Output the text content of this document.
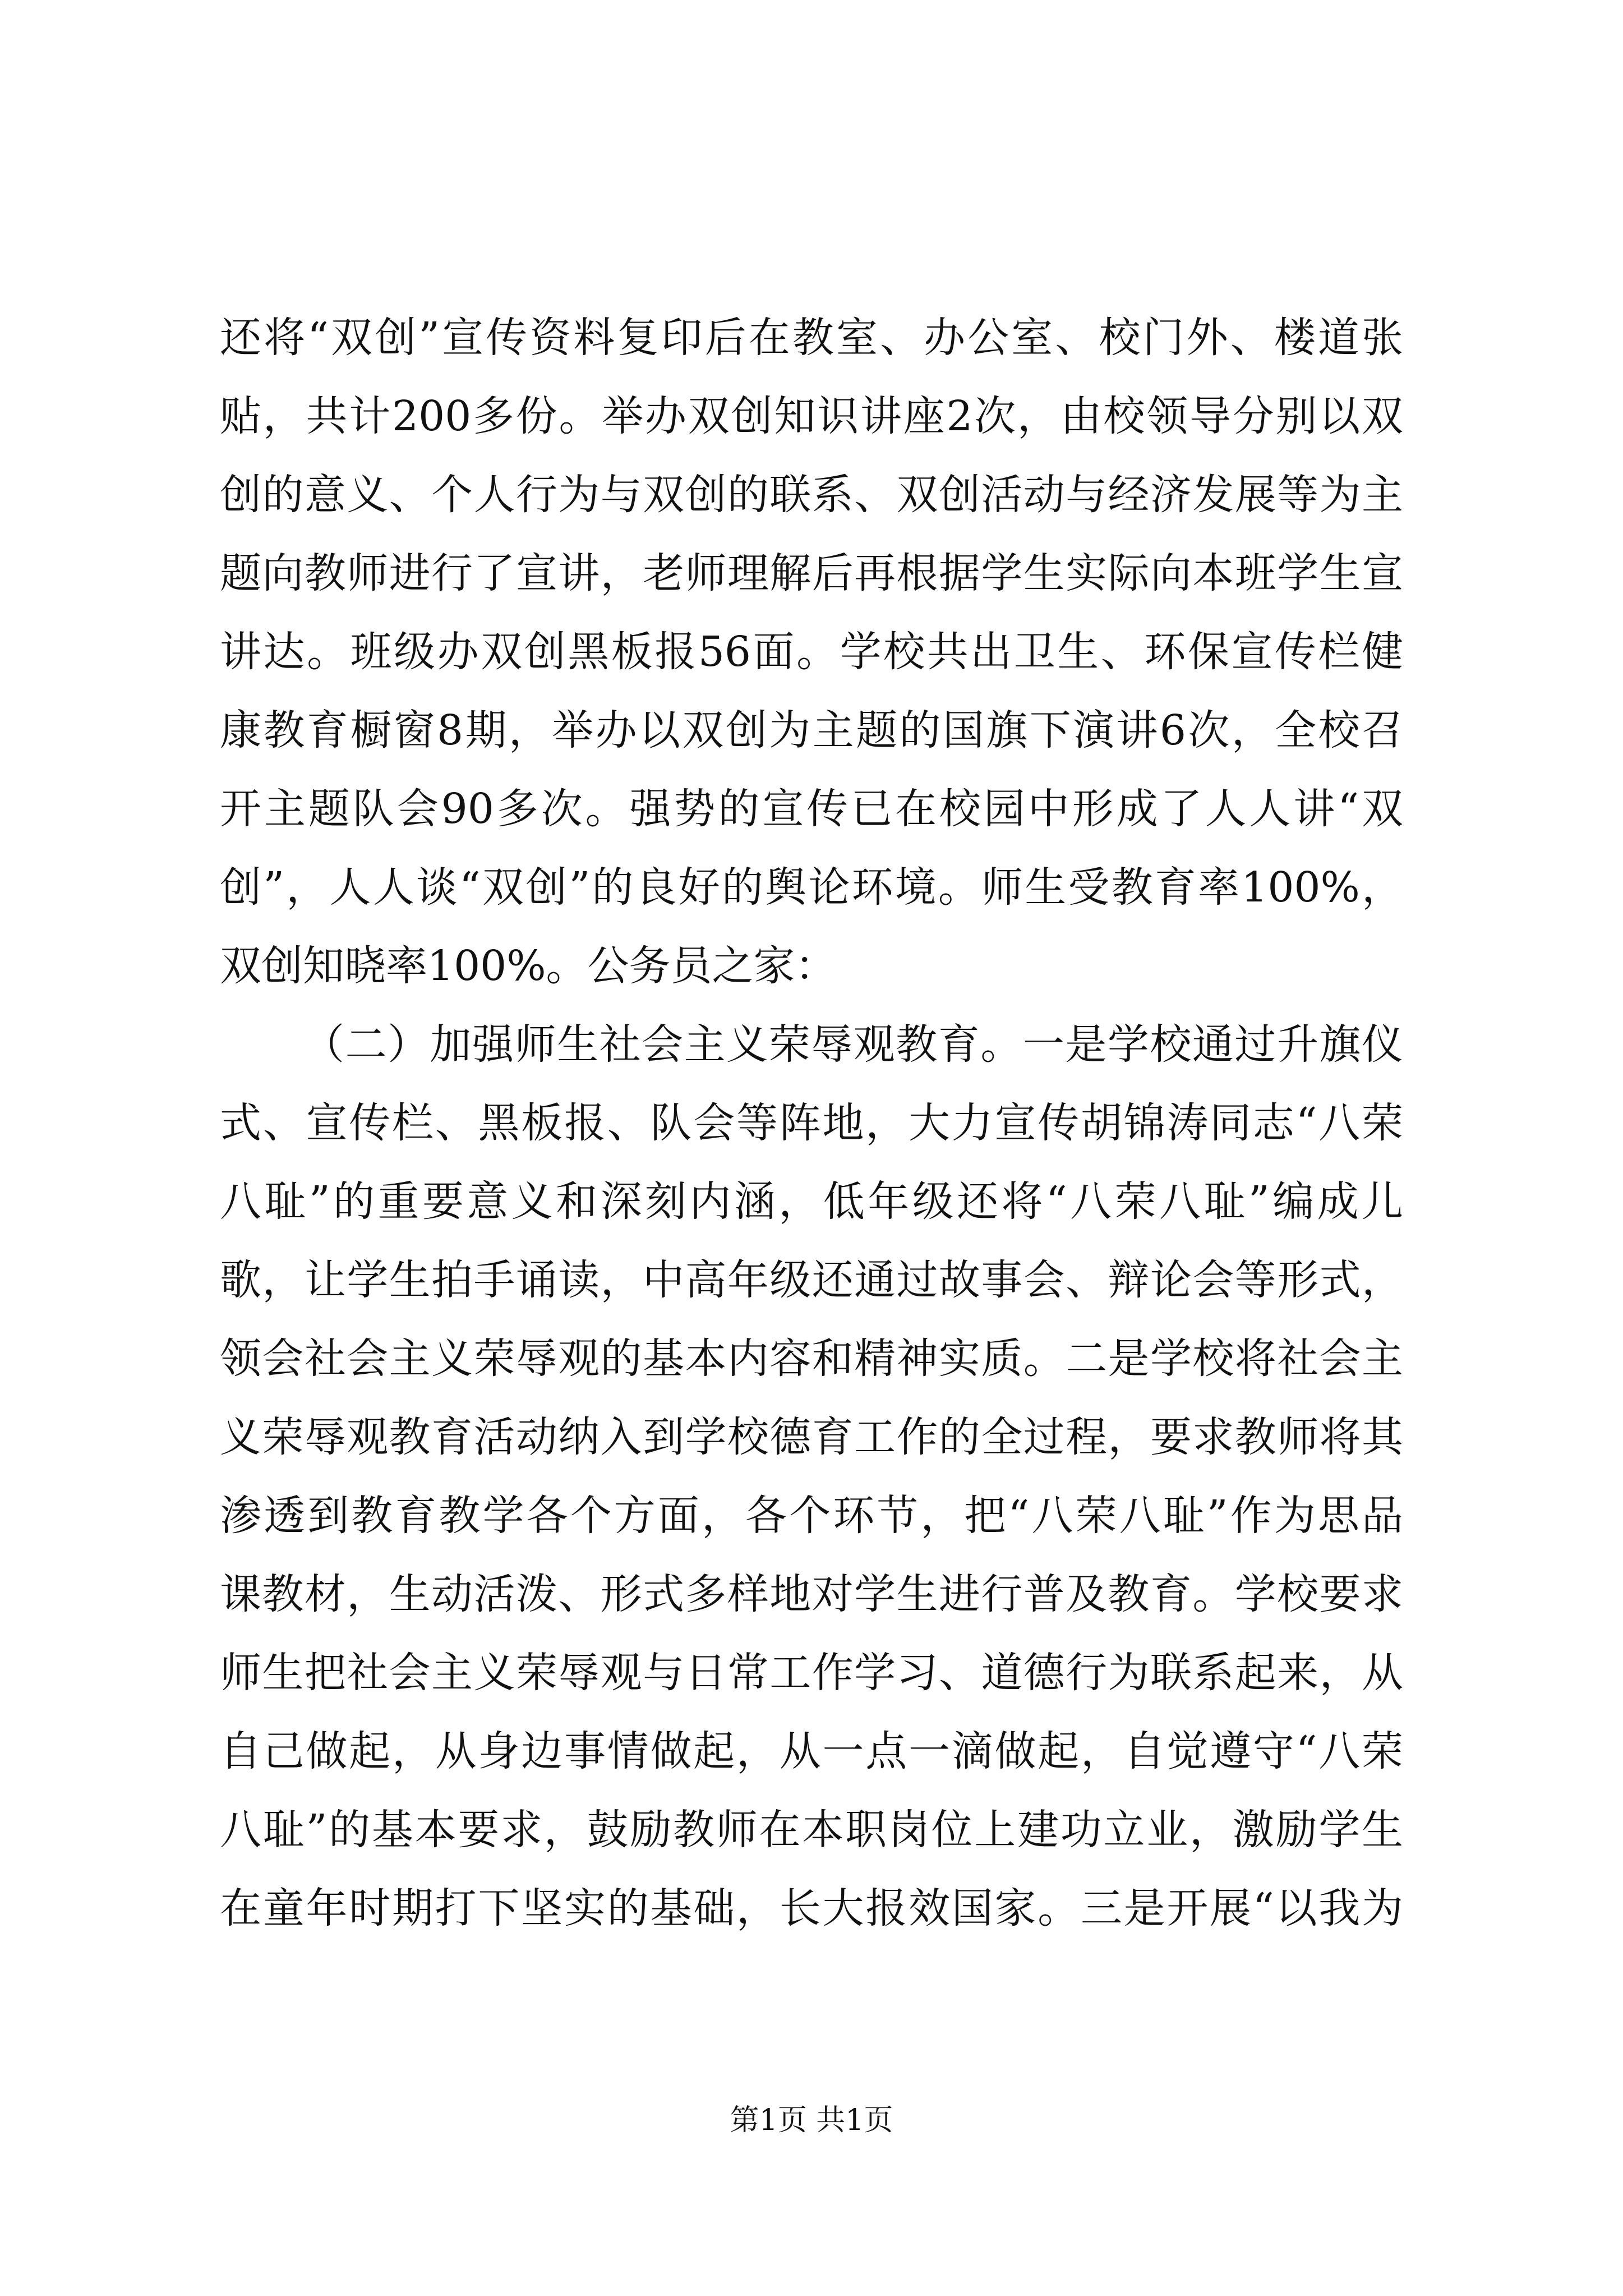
还将“双创”宣传资料复印后在教室、办公室、校门外、楼道张
贴，共计200多份。举办双创知识讲座2次，由校领导分别以双
创的意义、个人行为与双创的联系、双创活动与经济发展等为主
题向教师进行了宣讲，老师理解后再根据学生实际向本班学生宣
讲达。班级办双创黑板报56面。学校共出卫生、环保宣传栏健
康教育橱窗8期，举办以双创为主题的国旗下演讲6次，全校召
开主题队会90多次。强势的宣传已在校园中形成了人人讲“双
创”，人人谈“双创”的良好的舆论环境。师生受教育率100%，
双创知晓率100%。公务员之家：
（二）加强师生社会主义荣辱观教育。一是学校通过升旗仪
式、宣传栏、黑板报、队会等阵地，大力宣传胡锦涛同志“八荣
八耻”的重要意义和深刻内涵，低年级还将“八荣八耻”编成儿
歌，让学生拍手诵读，中高年级还通过故事会、辩论会等形式，
领会社会主义荣辱观的基本内容和精神实质。二是学校将社会主
义荣辱观教育活动纳入到学校德育工作的全过程，要求教师将其
渗透到教育教学各个方面，各个环节，把“八荣八耻”作为思品
课教材，生动活泼、形式多样地对学生进行普及教育。学校要求
师生把社会主义荣辱观与日常工作学习、道德行为联系起来，从
自己做起，从身边事情做起，从一点一滴做起，自觉遵守“八荣
八耻”的基本要求，鼓励教师在本职岗位上建功立业，激励学生
在童年时期打下坚实的基础，长大报效国家。三是开展“以我为
第1页 共1页
